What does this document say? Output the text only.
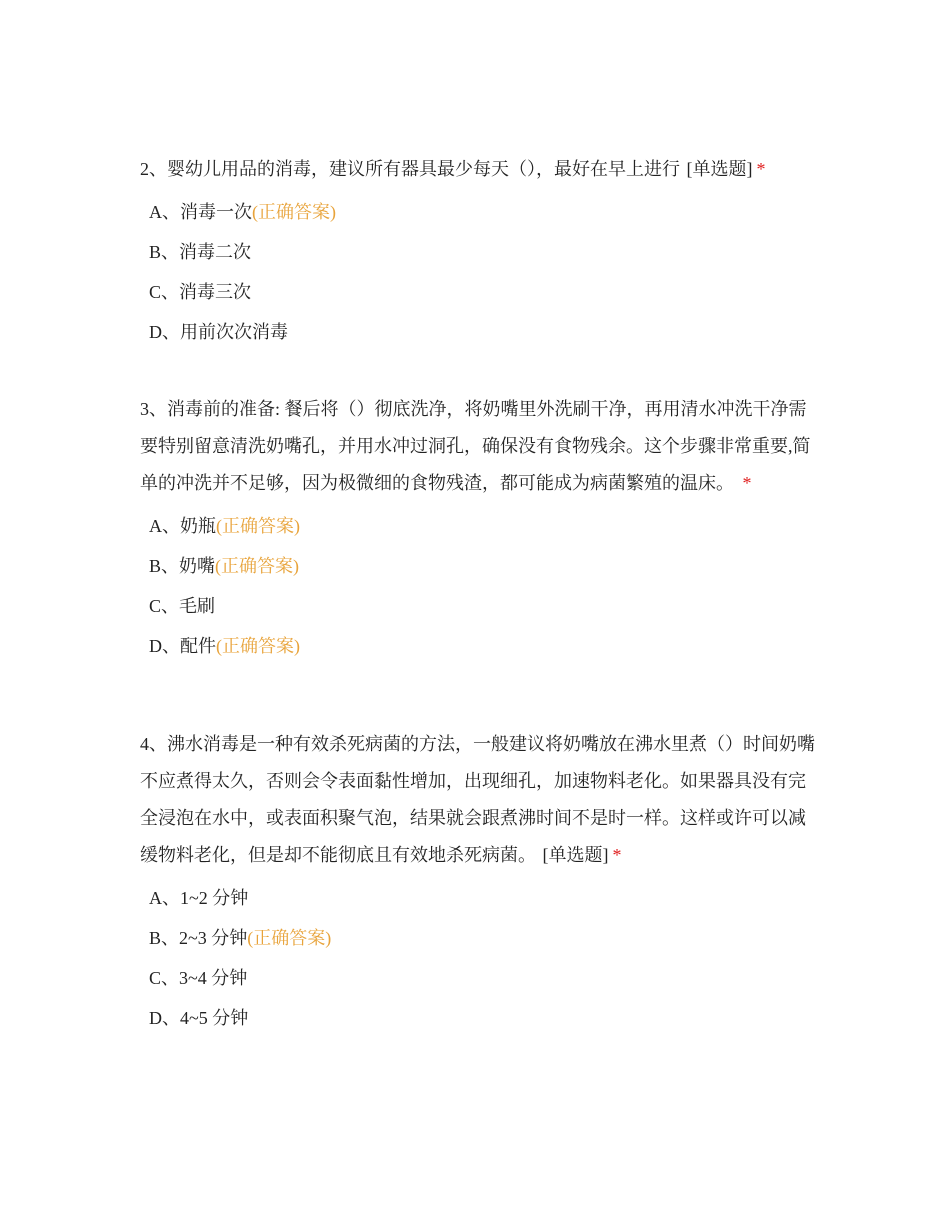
2、婴幼儿用品的消毒，建议所有器具最少每天（），最好在早上进行 [单选题] *

A、消毒一次(正确答案)
B、消毒二次
C、消毒三次
D、用前次次消毒

3、消毒前的准备: 餐后将（）彻底洗净，将奶嘴里外洗刷干净，再用清水冲洗干净需要特别留意清洗奶嘴孔，并用水冲过洞孔，确保没有食物残余。这个步骤非常重要,简单的冲洗并不足够，因为极微细的食物残渣，都可能成为病菌繁殖的温床。 *

A、奶瓶(正确答案)
B、奶嘴(正确答案)
C、毛刷
D、配件(正确答案)

4、沸水消毒是一种有效杀死病菌的方法，一般建议将奶嘴放在沸水里煮（）时间奶嘴不应煮得太久，否则会令表面黏性增加，出现细孔，加速物料老化。如果器具没有完全浸泡在水中，或表面积聚气泡，结果就会跟煮沸时间不是时一样。这样或许可以减缓物料老化，但是却不能彻底且有效地杀死病菌。 [单选题] *

A、1~2 分钟
B、2~3 分钟(正确答案)
C、3~4 分钟
D、4~5 分钟
